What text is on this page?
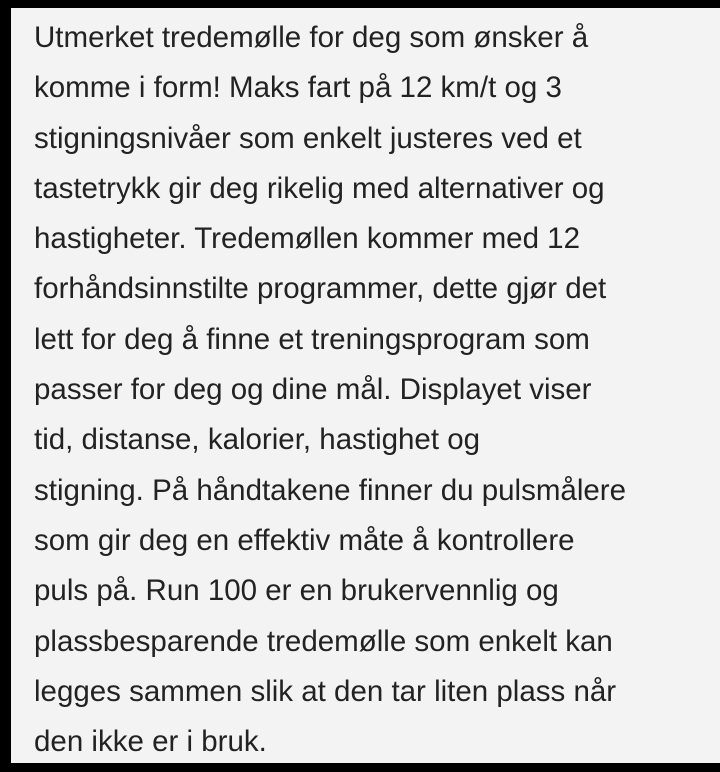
Utmerket tredemølle for deg som ønsker å
komme i form! Maks fart på 12 km/t og 3
stigningsnivåer som enkelt justeres ved et
tastetrykk gir deg rikelig med alternativer og
hastigheter. Tredemøllen kommer med 12
forhåndsinnstilte programmer, dette gjør det
lett for deg å finne et treningsprogram som
passer for deg og dine mål. Displayet viser
tid, distanse, kalorier, hastighet og
stigning. På håndtakene finner du pulsmålere
som gir deg en effektiv måte å kontrollere
puls på. Run 100 er en brukervennlig og
plassbesparende tredemølle som enkelt kan
legges sammen slik at den tar liten plass når
den ikke er i bruk.
